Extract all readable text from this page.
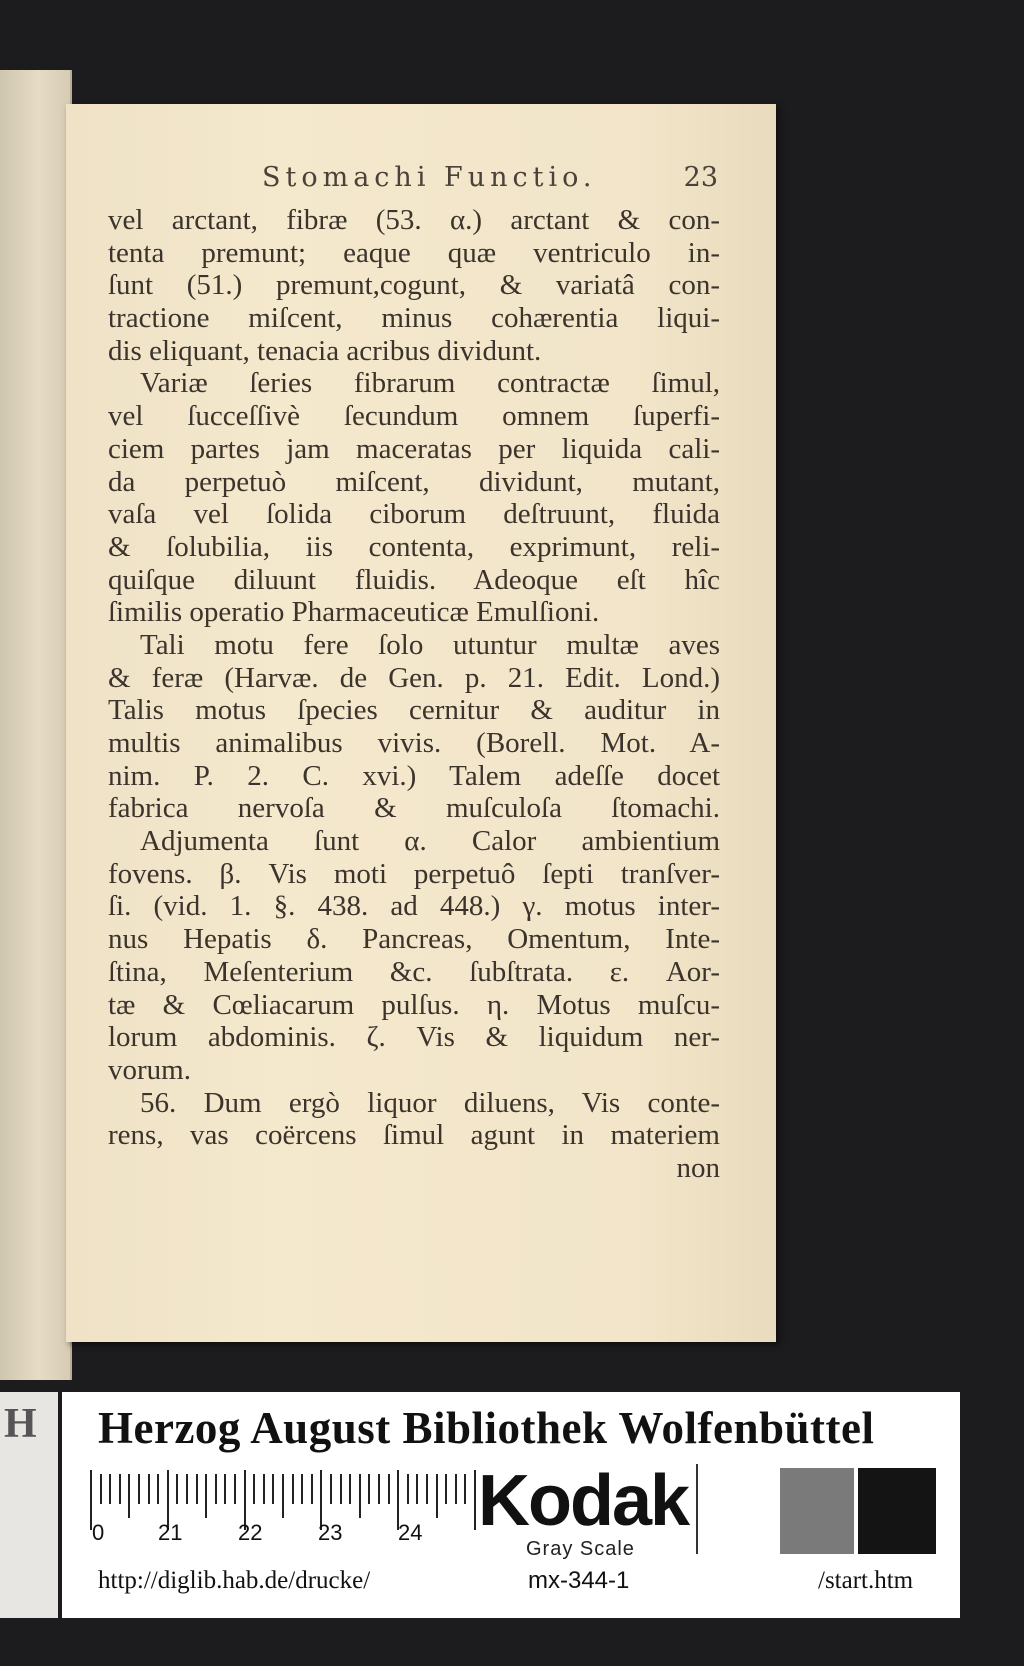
Stomachi Functio.	23
vel arctant, fibræ (53. α.) arctant & con-
tenta premunt; eaque quæ ventriculo in-
ſunt (51.) premunt,cogunt, & variatâ con-
tractione miſcent, minus cohærentia liqui-
dis eliquant, tenacia acribus dividunt.
Variæ ſeries fibrarum contractæ ſimul,
vel ſucceſſivè ſecundum omnem ſuperfi-
ciem partes jam maceratas per liquida cali-
da perpetuò miſcent, dividunt, mutant,
vaſa vel ſolida ciborum deſtruunt, fluida
& ſolubilia, iis contenta, exprimunt, reli-
quiſque diluunt fluidis. Adeoque eſt hîc
ſimilis operatio Pharmaceuticæ Emulſioni.
Tali motu fere ſolo utuntur multæ aves
& feræ (Harvæ. de Gen. p. 21. Edit. Lond.)
Talis motus ſpecies cernitur & auditur in
multis animalibus vivis. (Borell. Mot. A-
nim. P. 2. C. xvi.) Talem adeſſe docet
fabrica nervoſa & muſculoſa ſtomachi.
Adjumenta ſunt α. Calor ambientium
fovens. β. Vis moti perpetuô ſepti tranſver-
ſi. (vid. 1. §. 438. ad 448.) γ. motus inter-
nus Hepatis δ. Pancreas, Omentum, Inte-
ſtina, Meſenterium &c. ſubſtrata. ε. Aor-
tæ & Cœliacarum pulſus. η. Motus muſcu-
lorum abdominis. ζ. Vis & liquidum ner-
vorum.
56. Dum ergò liquor diluens, Vis conte-
rens, vas coërcens ſimul agunt in materiem
non
H Herzog August Bibliothek Wolfenbüttel
Kodak
Gray Scale
http://diglib.hab.de/drucke/	mx-344-1	/start.htm
0 21	22	23	24
